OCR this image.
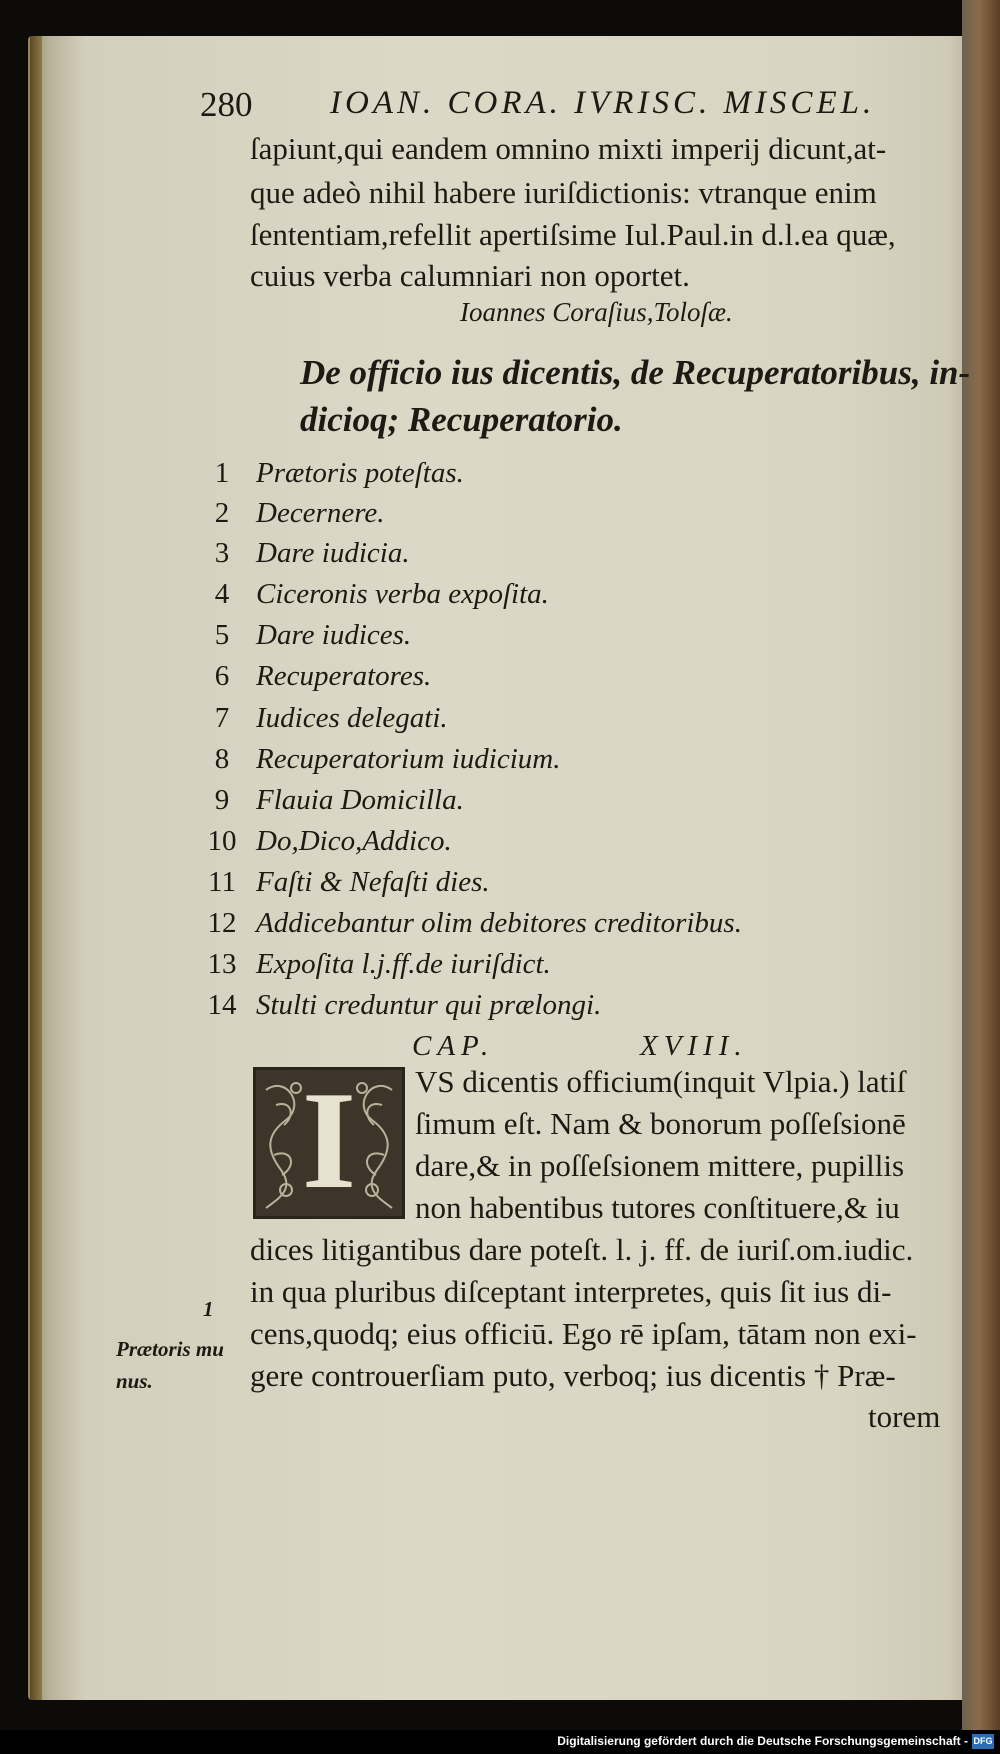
280 IOAN. CORA. IVRISC. MISCEL.
ſapiunt,qui eandem omnino mixti imperij dicunt,at-
que adeò nihil habere iuriſdictionis: vtranque enim
ſententiam,refellit apertiſsime Iul.Paul.in d.l.ea quæ,
cuius verba calumniari non oportet.
Ioannes Coraſius,Toloſæ.
De officio ius dicentis, de Recuperatoribus, in-
dicioq; Recuperatorio.
1 Prætoris poteſtas.
2 Decernere.
3 Dare iudicia.
4 Ciceronis verba expoſita.
5 Dare iudices.
6 Recuperatores.
7 Iudices delegati.
8 Recuperatorium iudicium.
9 Flauia Domicilla.
10 Do,Dico,Addico.
11 Faſti & Nefaſti dies.
12 Addicebantur olim debitores creditoribus.
13 Expoſita l.j.ff.de iuriſdict.
14 Stulti creduntur qui prælongi.
CAP.	XVIII.
I	VS dicentis officium(inquit Vlpia.) latiſ
ſimum eſt. Nam & bonorum poſſeſsionē
dare,& in poſſeſsionem mittere, pupillis
non habentibus tutores conſtituere,& iu
dices litigantibus dare poteſt. l. j. ff. de iuriſ.om.iudic.
in qua pluribus diſceptant interpretes, quis ſit ius di-
cens,quodq; eius officiū. Ego rē ipſam, tātam non exi-
gere controuerſiam puto, verboq; ius dicentis † Præ-
torem
1
Prætoris mu
nus.
Digitalisierung gefördert durch die Deutsche Forschungsgemeinschaft - DFG
